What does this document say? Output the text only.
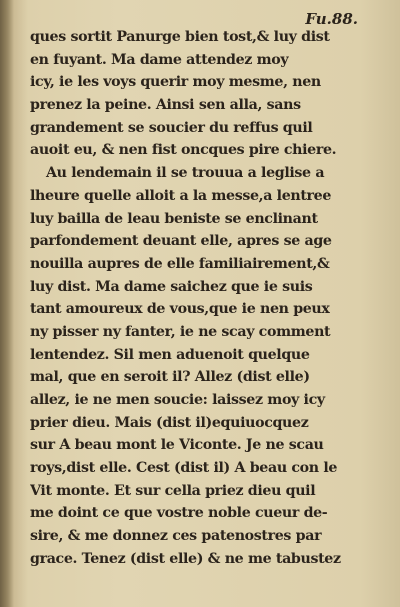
Fu.88.

ques sortit Panurge bien tost,& luy dist
en fuyant. Ma dame attendez moy
icy, ie les voys querir moy mesme, nen
prenez la peine. Ainsi sen alla, sans
grandement se soucier du reffus quil
auoit eu, & nen fist oncques pire chiere.
Au lendemain il se trouua a leglise a
lheure quelle alloit a la messe,a lentree
luy bailla de leau beniste se enclinant
parfondement deuant elle, apres se age
nouilla aupres de elle familiairement,&
luy dist. Ma dame saichez que ie suis
tant amoureux de vous,que ie nen peux
ny pisser ny fanter, ie ne scay comment
lentendez. Sil men aduenoit quelque
mal, que en seroit il? Allez (dist elle)
allez, ie ne men soucie: laissez moy icy
prier dieu. Mais (dist il)equiuocquez
sur A beau mont le Viconte. Je ne scau
roys,dist elle. Cest (dist il) A beau con le
Vit monte. Et sur cella priez dieu quil
me doint ce que vostre noble cueur de-
sire, & me donnez ces patenostres par
grace. Tenez (dist elle) & ne me tabustez
